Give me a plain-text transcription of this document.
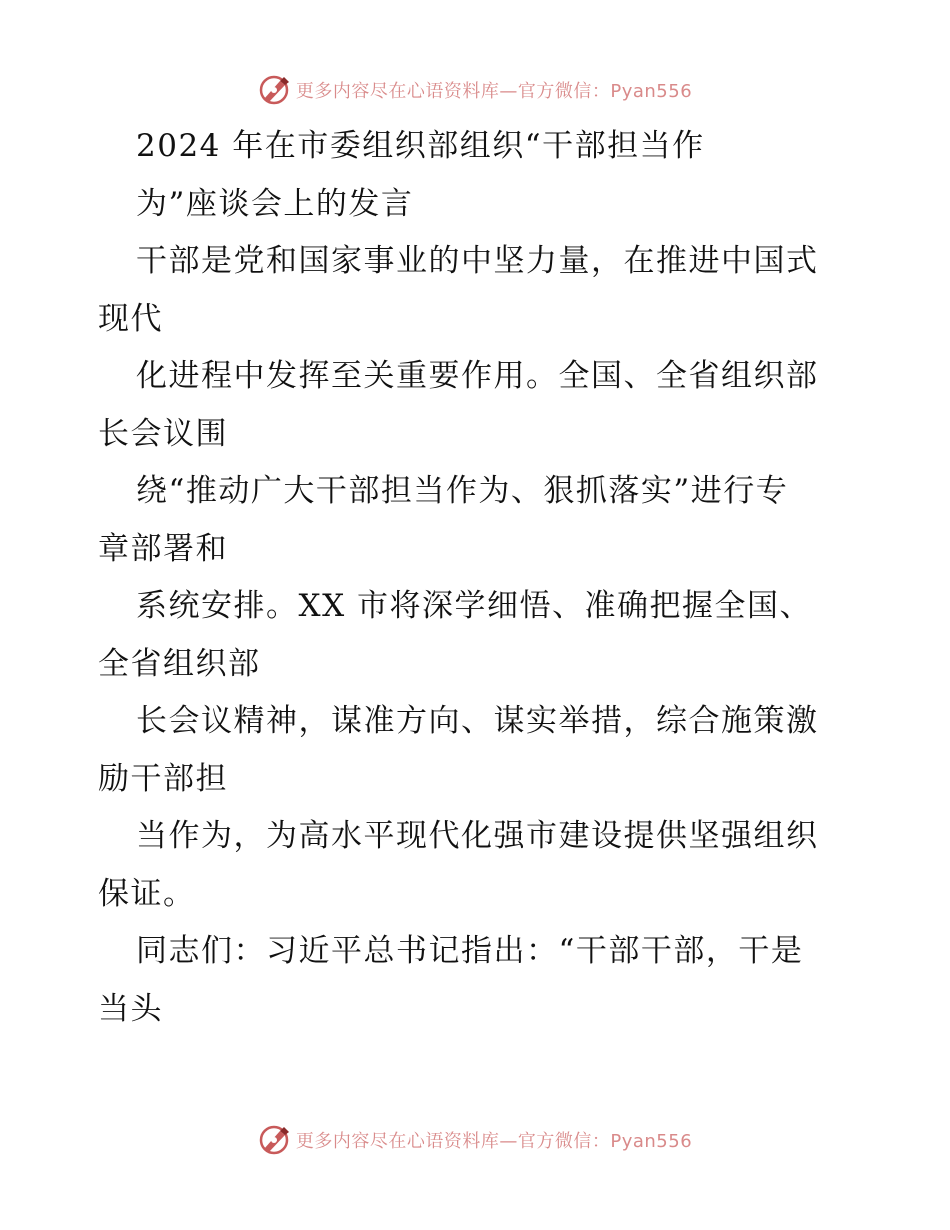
更多内容尽在心语资料库—官方微信：Pyan556
2024 年在市委组织部组织“干部担当作
为”座谈会上的发言
干部是党和国家事业的中坚力量，在推进中国式
现代
化进程中发挥至关重要作用。全国、全省组织部
长会议围
绕“推动广大干部担当作为、狠抓落实”进行专
章部署和
系统安排。XX 市将深学细悟、准确把握全国、
全省组织部
长会议精神，谋准方向、谋实举措，综合施策激
励干部担
当作为，为高水平现代化强市建设提供坚强组织
保证。
同志们：习近平总书记指出：“干部干部，干是
当头
更多内容尽在心语资料库—官方微信：Pyan556
